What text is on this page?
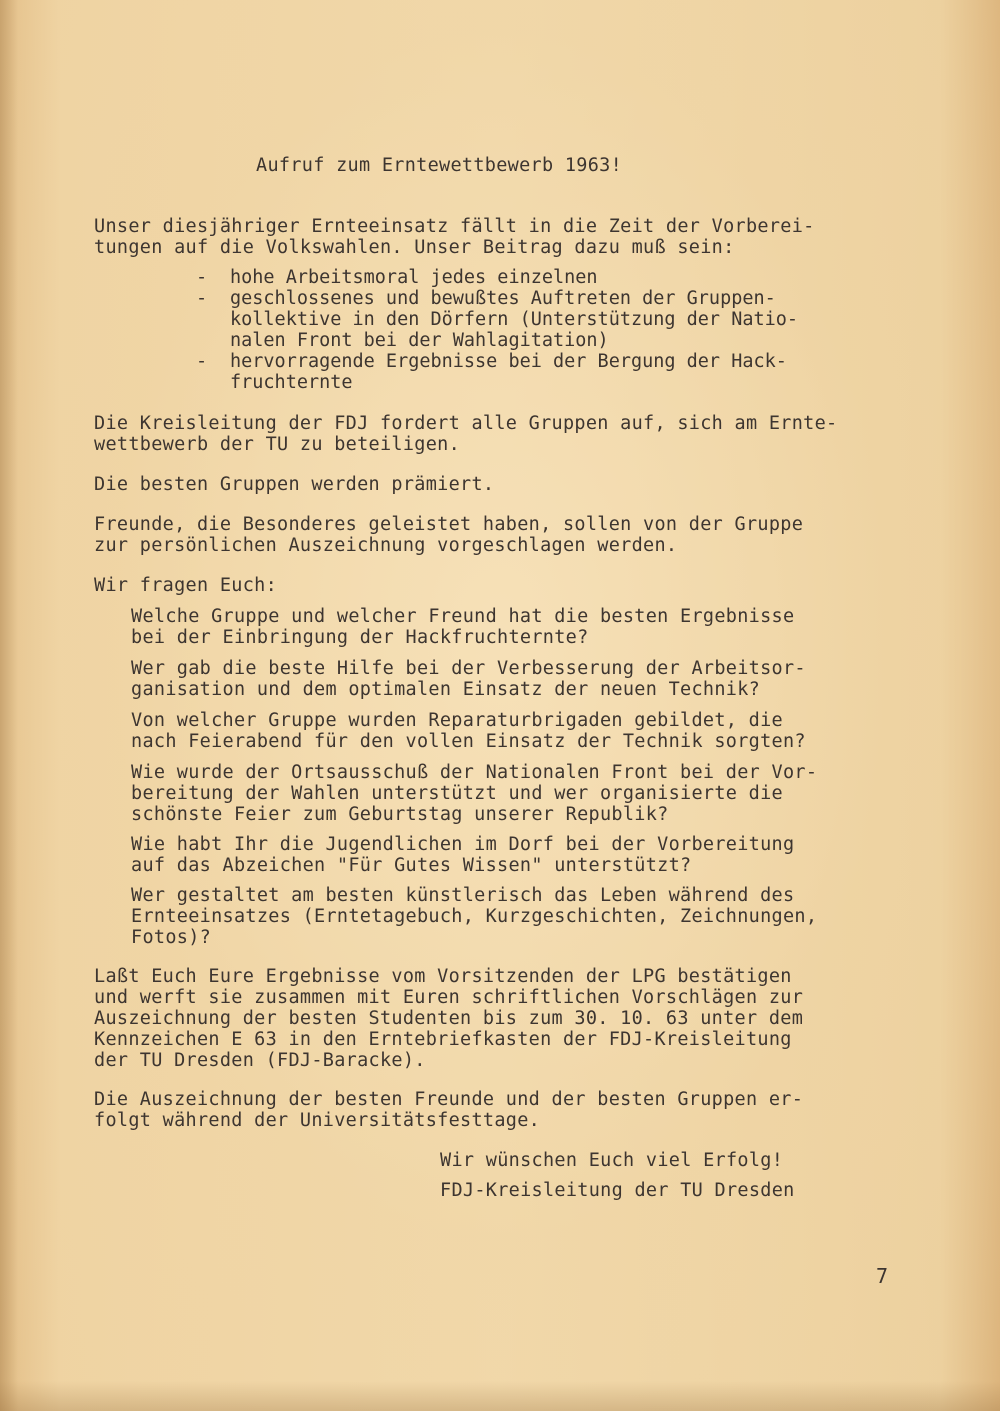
Aufruf zum Erntewettbewerb 1963!
Unser diesjähriger Ernteeinsatz fällt in die Zeit der Vorberei-
tungen auf die Volkswahlen. Unser Beitrag dazu muß sein:
- hohe Arbeitsmoral jedes einzelnen
- geschlossenes und bewußtes Auftreten der Gruppen-
kollektive in den Dörfern (Unterstützung der Natio-
nalen Front bei der Wahlagitation)
- hervorragende Ergebnisse bei der Bergung der Hack-
fruchternte
Die Kreisleitung der FDJ fordert alle Gruppen auf, sich am Ernte-
wettbewerb der TU zu beteiligen.
Die besten Gruppen werden prämiert.
Freunde, die Besonderes geleistet haben, sollen von der Gruppe
zur persönlichen Auszeichnung vorgeschlagen werden.
Wir fragen Euch:
Welche Gruppe und welcher Freund hat die besten Ergebnisse
bei der Einbringung der Hackfruchternte?
Wer gab die beste Hilfe bei der Verbesserung der Arbeitsor-
ganisation und dem optimalen Einsatz der neuen Technik?
Von welcher Gruppe wurden Reparaturbrigaden gebildet, die
nach Feierabend für den vollen Einsatz der Technik sorgten?
Wie wurde der Ortsausschuß der Nationalen Front bei der Vor-
bereitung der Wahlen unterstützt und wer organisierte die
schönste Feier zum Geburtstag unserer Republik?
Wie habt Ihr die Jugendlichen im Dorf bei der Vorbereitung
auf das Abzeichen "Für Gutes Wissen" unterstützt?
Wer gestaltet am besten künstlerisch das Leben während des
Ernteeinsatzes (Erntetagebuch, Kurzgeschichten, Zeichnungen,
Fotos)?
Laßt Euch Eure Ergebnisse vom Vorsitzenden der LPG bestätigen
und werft sie zusammen mit Euren schriftlichen Vorschlägen zur
Auszeichnung der besten Studenten bis zum 30. 10. 63 unter dem
Kennzeichen E 63 in den Erntebriefkasten der FDJ-Kreisleitung
der TU Dresden (FDJ-Baracke).
Die Auszeichnung der besten Freunde und der besten Gruppen er-
folgt während der Universitätsfesttage.
Wir wünschen Euch viel Erfolg!
FDJ-Kreisleitung der TU Dresden
7
